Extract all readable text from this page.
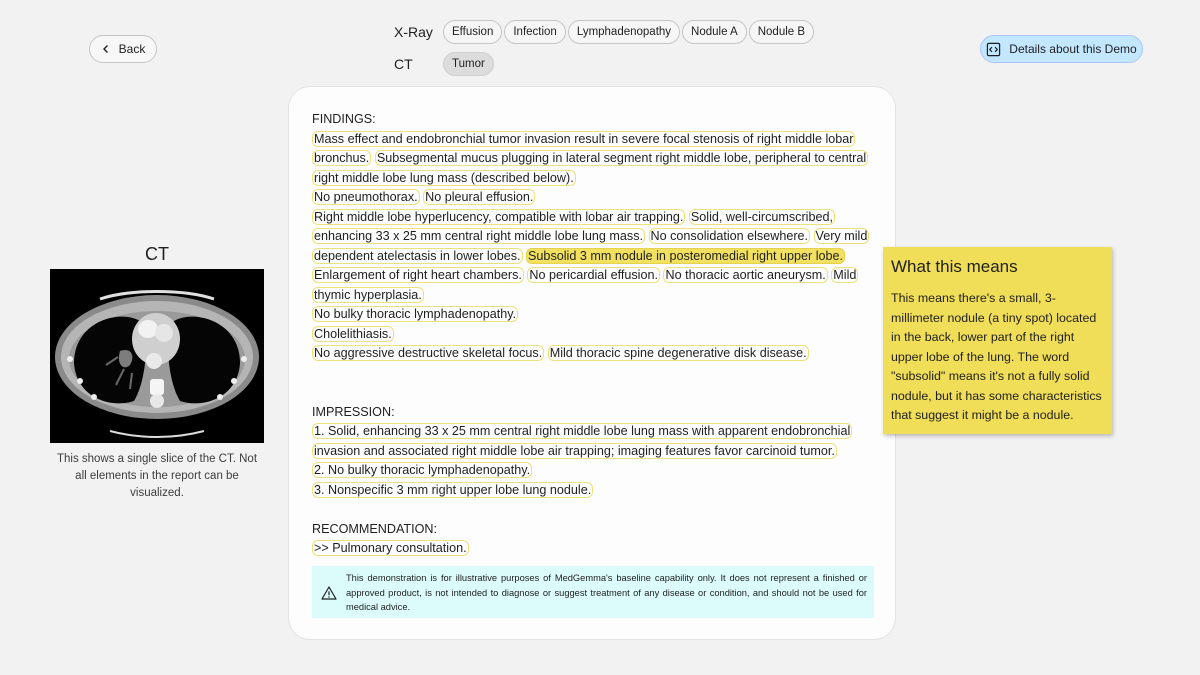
Back
X-Ray	Effusion	Infection	Lymphadenopathy	Nodule A	Nodule B
CT	Tumor
Details about this Demo
CT
This shows a single slice of the CT. Not all elements in the report can be visualized.
FINDINGS:
Mass effect and endobronchial tumor invasion result in severe focal stenosis of right middle lobar bronchus. Subsegmental mucus plugging in lateral segment right middle lobe, peripheral to central right middle lobe lung mass (described below).
No pneumothorax. No pleural effusion.
Right middle lobe hyperlucency, compatible with lobar air trapping. Solid, well-circumscribed, enhancing 33 x 25 mm central right middle lobe lung mass. No consolidation elsewhere. Very mild dependent atelectasis in lower lobes. Subsolid 3 mm nodule in posteromedial right upper lobe.
Enlargement of right heart chambers. No pericardial effusion. No thoracic aortic aneurysm. Mild thymic hyperplasia.
No bulky thoracic lymphadenopathy.
Cholelithiasis.
No aggressive destructive skeletal focus. Mild thoracic spine degenerative disk disease.
IMPRESSION:
1. Solid, enhancing 33 x 25 mm central right middle lobe lung mass with apparent endobronchial invasion and associated right middle lobe air trapping; imaging features favor carcinoid tumor.
2. No bulky thoracic lymphadenopathy.
3. Nonspecific 3 mm right upper lobe lung nodule.
RECOMMENDATION:
>> Pulmonary consultation.
This demonstration is for illustrative purposes of MedGemma's baseline capability only. It does not represent a finished or approved product, is not intended to diagnose or suggest treatment of any disease or condition, and should not be used for medical advice.
What this means
This means there's a small, 3-millimeter nodule (a tiny spot) located in the back, lower part of the right upper lobe of the lung. The word "subsolid" means it's not a fully solid nodule, but it has some characteristics that suggest it might be a nodule.
